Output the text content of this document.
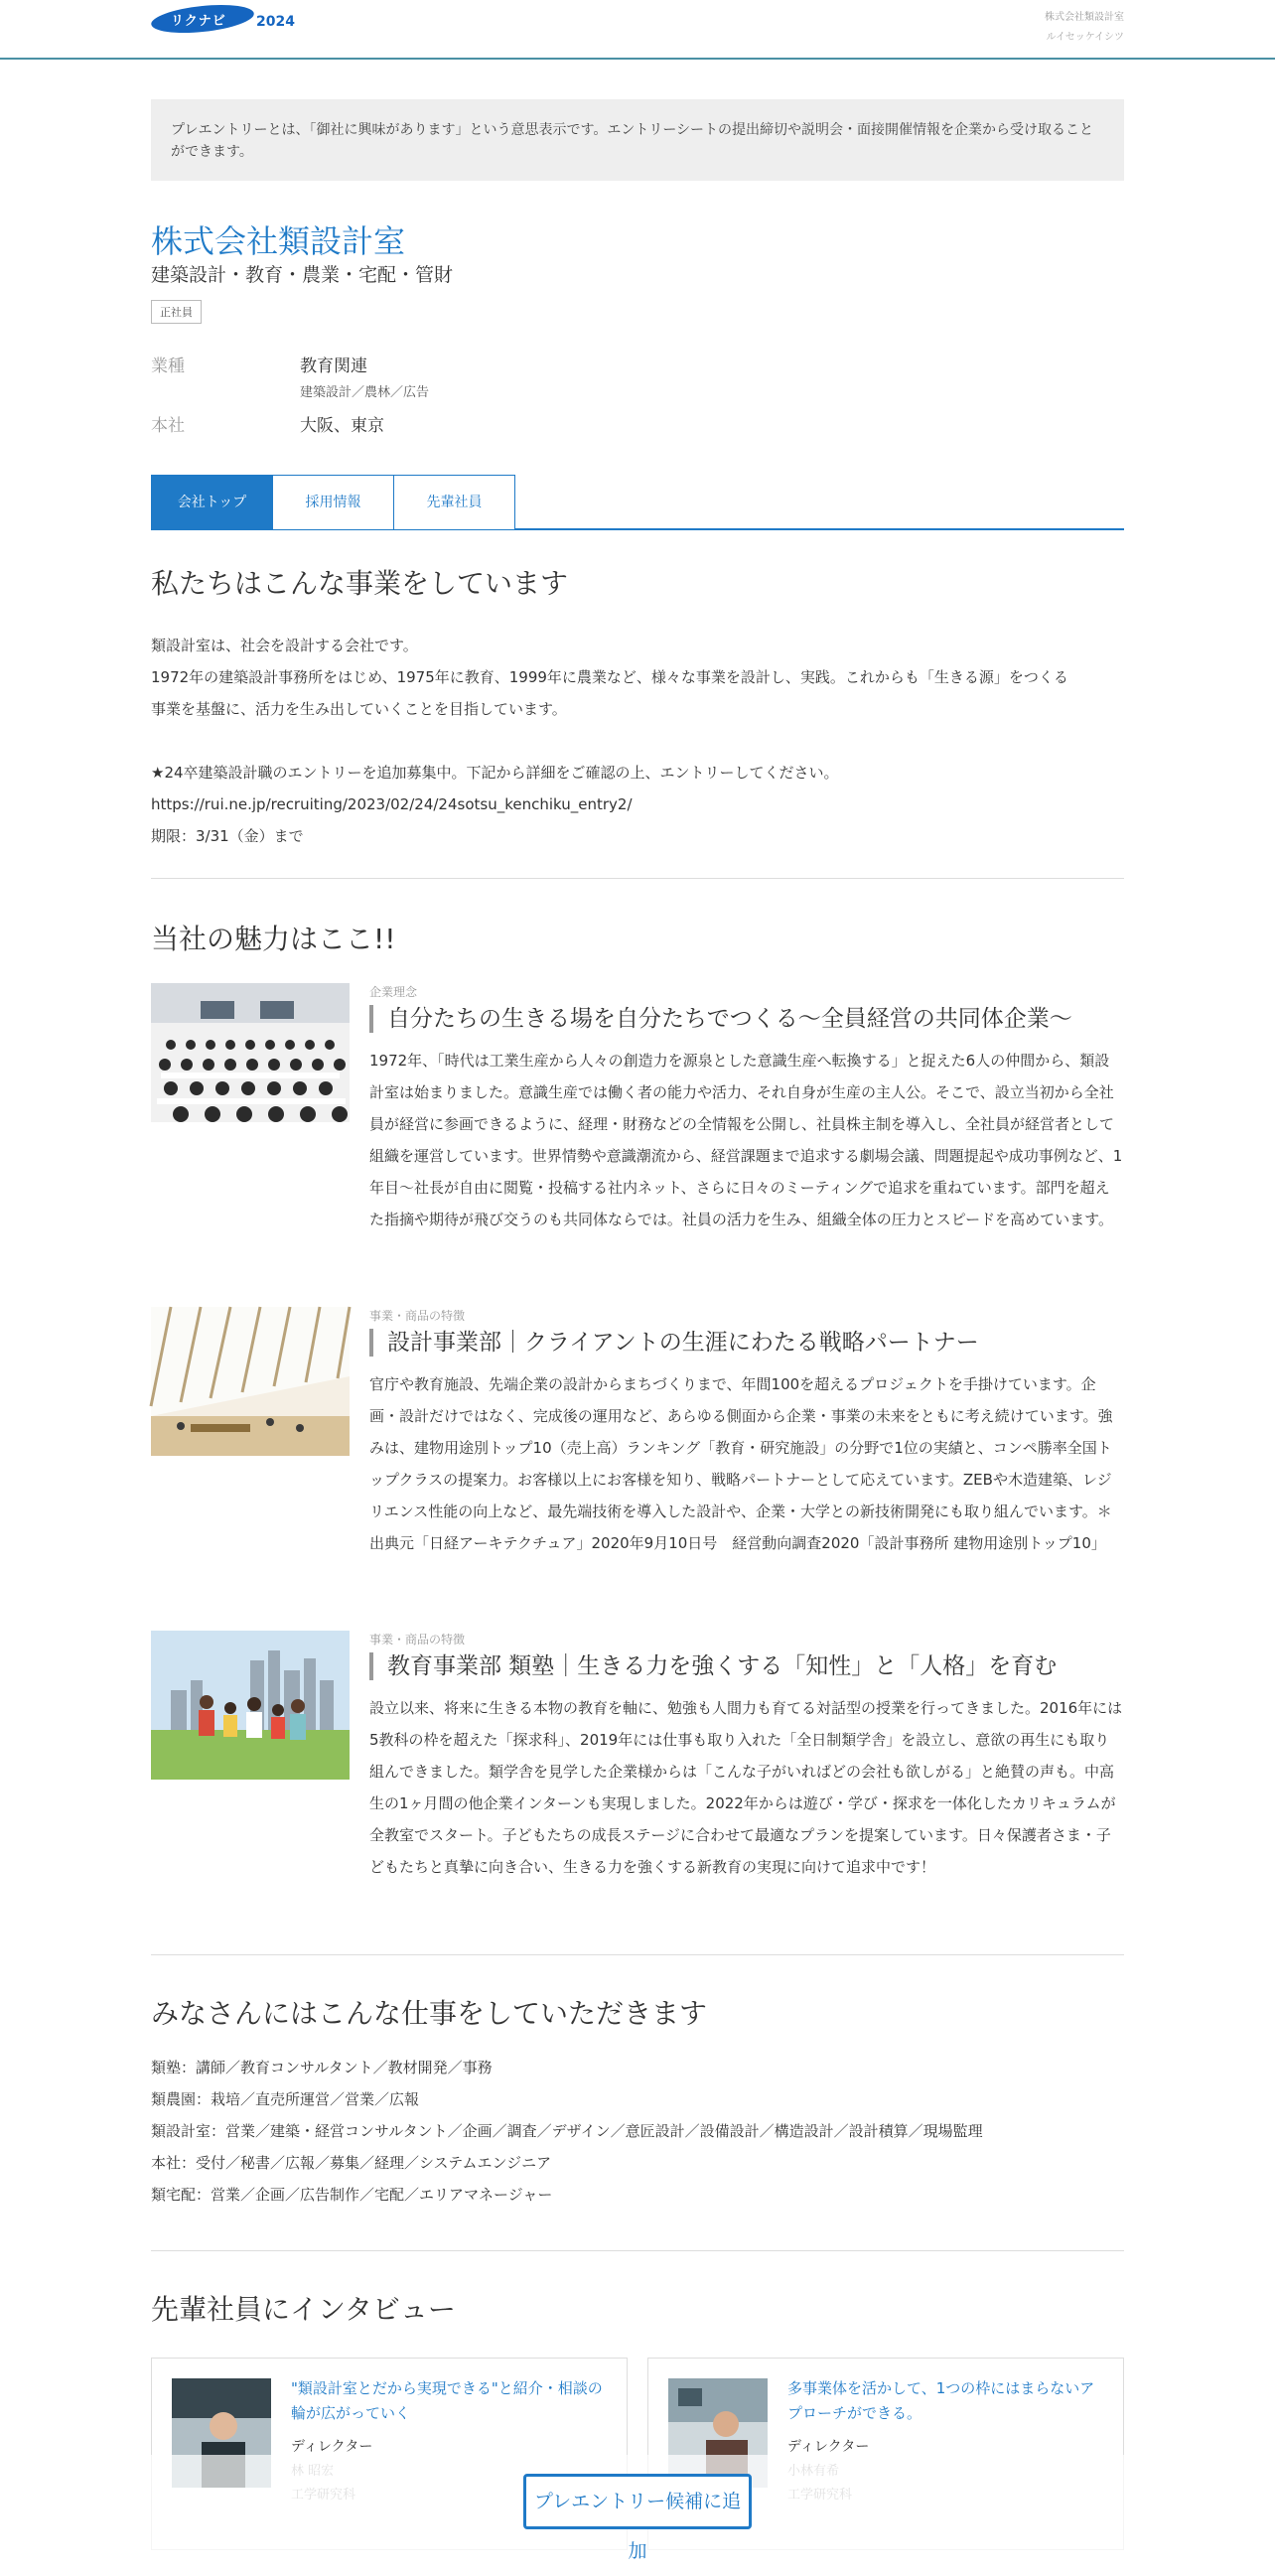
リクナビ 2024	株式会社類設計室
ルイセッケイシツ
プレエントリーとは、「御社に興味があります」という意思表示です。エントリーシートの提出締切や説明会・面接開催情報を企業から受け取ることができます。
株式会社類設計室
建築設計・教育・農業・宅配・管財
正社員
業種	教育関連
建築設計／農林／広告
本社	大阪、東京
会社トップ	採用情報	先輩社員
私たちはこんな事業をしています
類設計室は、社会を設計する会社です。
1972年の建築設計事務所をはじめ、1975年に教育、1999年に農業など、様々な事業を設計し、実践。これからも「生きる源」をつくる
事業を基盤に、活力を生み出していくことを目指しています。
★24卒建築設計職のエントリーを追加募集中。下記から詳細をご確認の上、エントリーしてください。
https://rui.ne.jp/recruiting/2023/02/24/24sotsu_kenchiku_entry2/
期限：3/31（金）まで
当社の魅力はここ!!
企業理念
自分たちの生きる場を自分たちでつくる～全員経営の共同体企業～
1972年、「時代は工業生産から人々の創造力を源泉とした意識生産へ転換する」と捉えた6人の仲間から、類設計室は始まりました。意識生産では働く者の能力や活力、それ自身が生産の主人公。そこで、設立当初から全社員が経営に参画できるように、経理・財務などの全情報を公開し、社員株主制を導入し、全社員が経営者として組織を運営しています。世界情勢や意識潮流から、経営課題まで追求する劇場会議、問題提起や成功事例など、1年目～社長が自由に閲覧・投稿する社内ネット、さらに日々のミーティングで追求を重ねています。部門を超えた指摘や期待が飛び交うのも共同体ならでは。社員の活力を生み、組織全体の圧力とスピードを高めています。
事業・商品の特徴
設計事業部｜クライアントの生涯にわたる戦略パートナー
官庁や教育施設、先端企業の設計からまちづくりまで、年間100を超えるプロジェクトを手掛けています。企画・設計だけではなく、完成後の運用など、あらゆる側面から企業・事業の未来をともに考え続けています。強みは、建物用途別トップ10（売上高）ランキング「教育・研究施設」の分野で1位の実績と、コンペ勝率全国トップクラスの提案力。お客様以上にお客様を知り、戦略パートナーとして応えています。ZEBや木造建築、レジリエンス性能の向上など、最先端技術を導入した設計や、企業・大学との新技術開発にも取り組んでいます。＊出典元「日経アーキテクチュア」2020年9月10日号　経営動向調査2020「設計事務所 建物用途別トップ10」
事業・商品の特徴
教育事業部 類塾｜生きる力を強くする「知性」と「人格」を育む
設立以来、将来に生きる本物の教育を軸に、勉強も人間力も育てる対話型の授業を行ってきました。2016年には5教科の枠を超えた「探求科」、2019年には仕事も取り入れた「全日制類学舎」を設立し、意欲の再生にも取り組んできました。類学舎を見学した企業様からは「こんな子がいればどの会社も欲しがる」と絶賛の声も。中高生の1ヶ月間の他企業インターンも実現しました。2022年からは遊び・学び・探求を一体化したカリキュラムが全教室でスタート。子どもたちの成長ステージに合わせて最適なプランを提案しています。日々保護者さま・子どもたちと真摯に向き合い、生きる力を強くする新教育の実現に向けて追求中です！
みなさんにはこんな仕事をしていただきます
類塾：講師／教育コンサルタント／教材開発／事務
類農園：栽培／直売所運営／営業／広報
類設計室：営業／建築・経営コンサルタント／企画／調査／デザイン／意匠設計／設備設計／構造設計／設計積算／現場監理
本社：受付／秘書／広報／募集／経理／システムエンジニア
類宅配：営業／企画／広告制作／宅配／エリアマネージャー
先輩社員にインタビュー
"類設計室とだから実現できる"と紹介・相談の輪が広がっていく
ディレクター
多事業体を活かして、1つの枠にはまらないアプローチができる。
ディレクター
プレエントリー候補に追加
